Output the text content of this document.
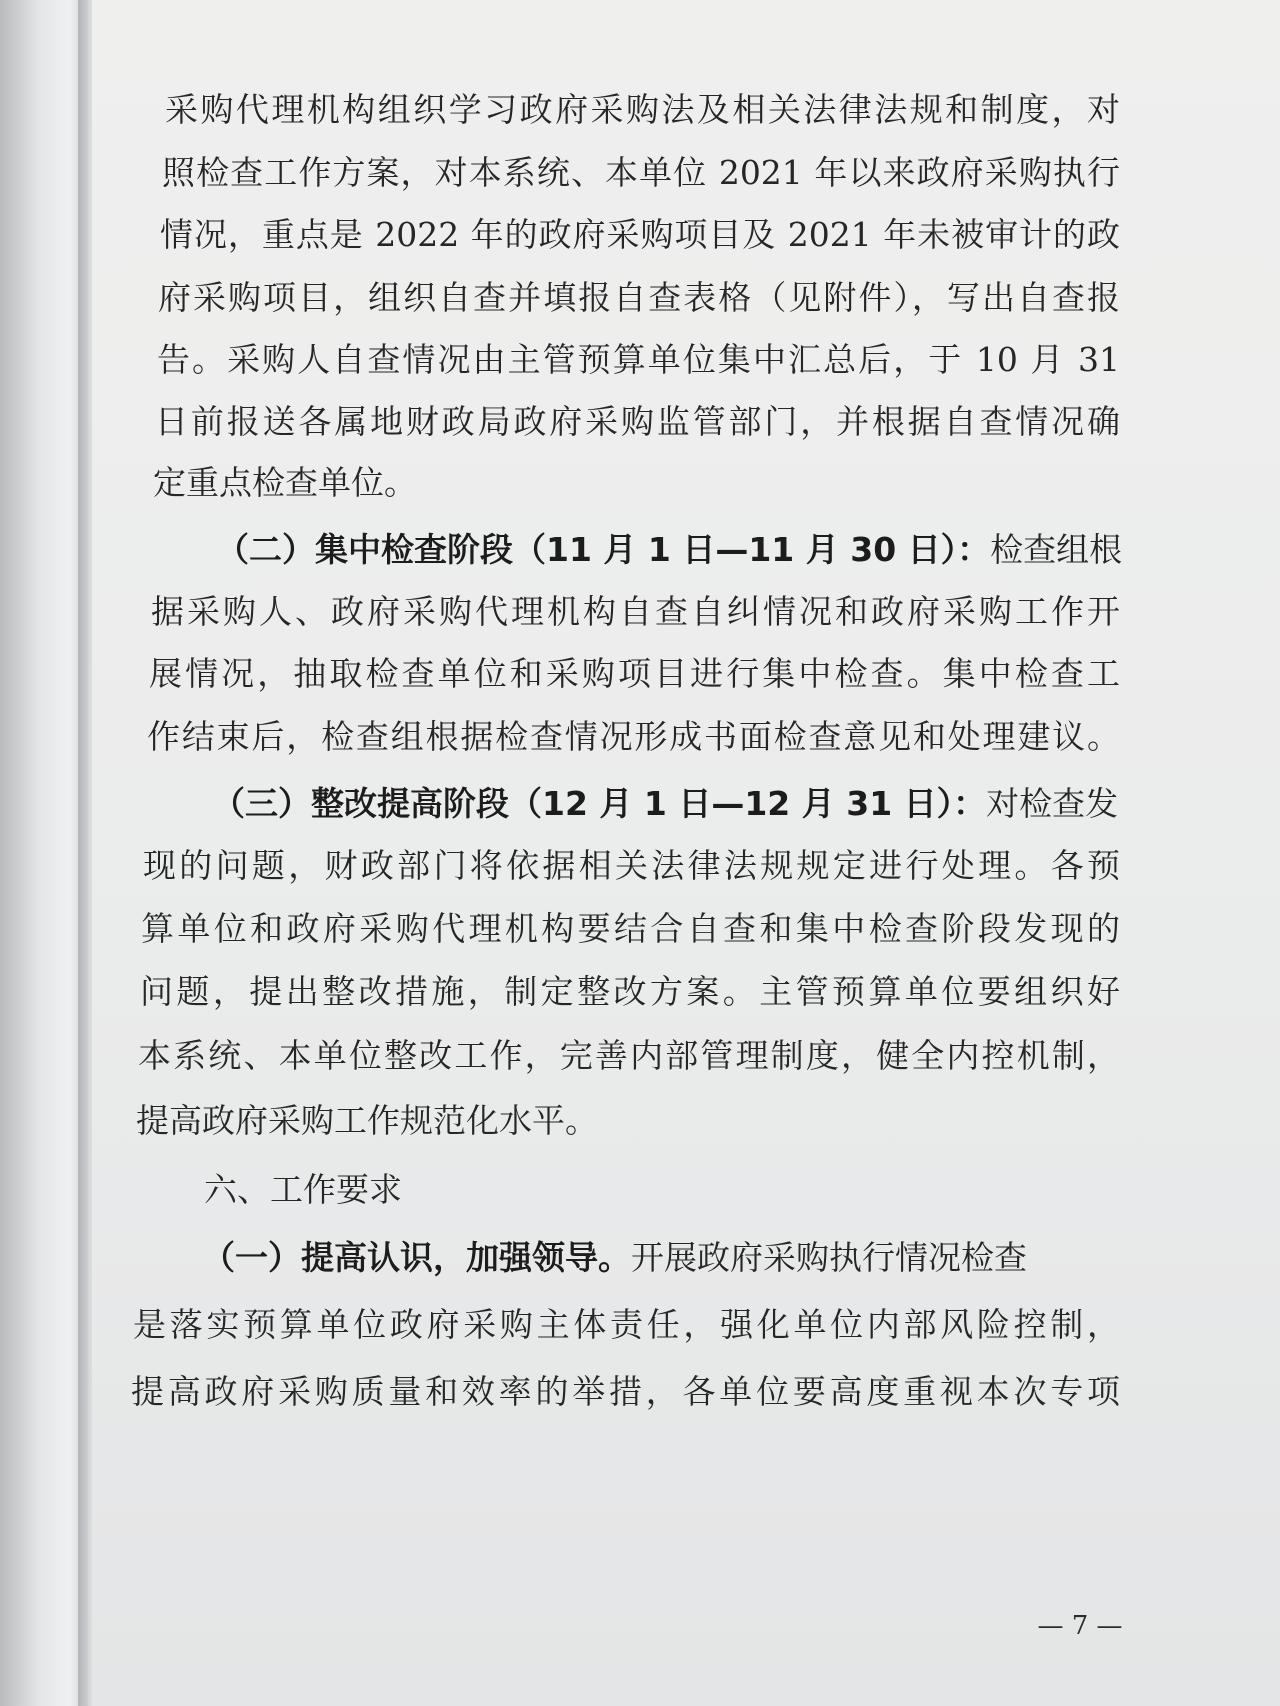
采购代理机构组织学习政府采购法及相关法律法规和制度，对
照检查工作方案，对本系统、本单位 2021 年以来政府采购执行
情况，重点是 2022 年的政府采购项目及 2021 年未被审计的政
府采购项目，组织自查并填报自查表格（见附件），写出自查报
告。采购人自查情况由主管预算单位集中汇总后，于 10 月 31
日前报送各属地财政局政府采购监管部门，并根据自查情况确
定重点检查单位。
（二）集中检查阶段（11 月 1 日—11 月 30 日）：检查组根
据采购人、政府采购代理机构自查自纠情况和政府采购工作开
展情况，抽取检查单位和采购项目进行集中检查。集中检查工
作结束后，检查组根据检查情况形成书面检查意见和处理建议。
（三）整改提高阶段（12 月 1 日—12 月 31 日）：对检查发
现的问题，财政部门将依据相关法律法规规定进行处理。各预
算单位和政府采购代理机构要结合自查和集中检查阶段发现的
问题，提出整改措施，制定整改方案。主管预算单位要组织好
本系统、本单位整改工作，完善内部管理制度，健全内控机制，
提高政府采购工作规范化水平。
六、工作要求
（一）提高认识，加强领导。开展政府采购执行情况检查
是落实预算单位政府采购主体责任，强化单位内部风险控制，
提高政府采购质量和效率的举措，各单位要高度重视本次专项
— 7 —
